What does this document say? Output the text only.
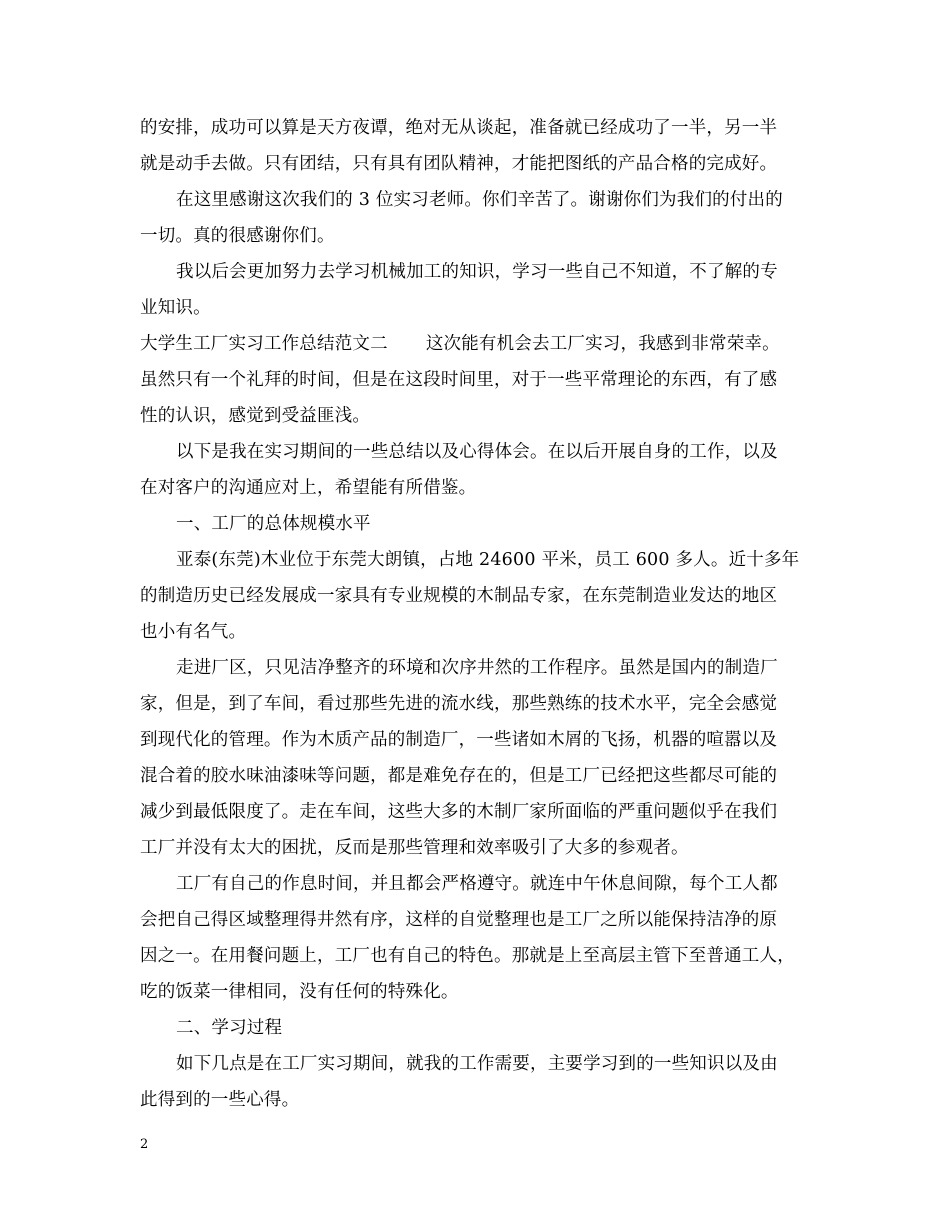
的安排，成功可以算是天方夜谭，绝对无从谈起，准备就已经成功了一半，另一半
就是动手去做。只有团结，只有具有团队精神，才能把图纸的产品合格的完成好。
在这里感谢这次我们的 3 位实习老师。你们辛苦了。谢谢你们为我们的付出的
一切。真的很感谢你们。
我以后会更加努力去学习机械加工的知识，学习一些自己不知道，不了解的专
业知识。
大学生工厂实习工作总结范文二 这次能有机会去工厂实习，我感到非常荣幸。
虽然只有一个礼拜的时间，但是在这段时间里，对于一些平常理论的东西，有了感
性的认识，感觉到受益匪浅。
以下是我在实习期间的一些总结以及心得体会。在以后开展自身的工作，以及
在对客户的沟通应对上，希望能有所借鉴。
一、工厂的总体规模水平
亚泰(东莞)木业位于东莞大朗镇，占地 24600 平米，员工 600 多人。近十多年
的制造历史已经发展成一家具有专业规模的木制品专家，在东莞制造业发达的地区
也小有名气。
走进厂区，只见洁净整齐的环境和次序井然的工作程序。虽然是国内的制造厂
家，但是，到了车间，看过那些先进的流水线，那些熟练的技术水平，完全会感觉
到现代化的管理。作为木质产品的制造厂，一些诸如木屑的飞扬，机器的喧嚣以及
混合着的胶水味油漆味等问题，都是难免存在的，但是工厂已经把这些都尽可能的
减少到最低限度了。走在车间，这些大多的木制厂家所面临的严重问题似乎在我们
工厂并没有太大的困扰，反而是那些管理和效率吸引了大多的参观者。
工厂有自己的作息时间，并且都会严格遵守。就连中午休息间隙，每个工人都
会把自己得区域整理得井然有序，这样的自觉整理也是工厂之所以能保持洁净的原
因之一。在用餐问题上，工厂也有自己的特色。那就是上至高层主管下至普通工人，
吃的饭菜一律相同，没有任何的特殊化。
二、学习过程
如下几点是在工厂实习期间，就我的工作需要，主要学习到的一些知识以及由
此得到的一些心得。
2
